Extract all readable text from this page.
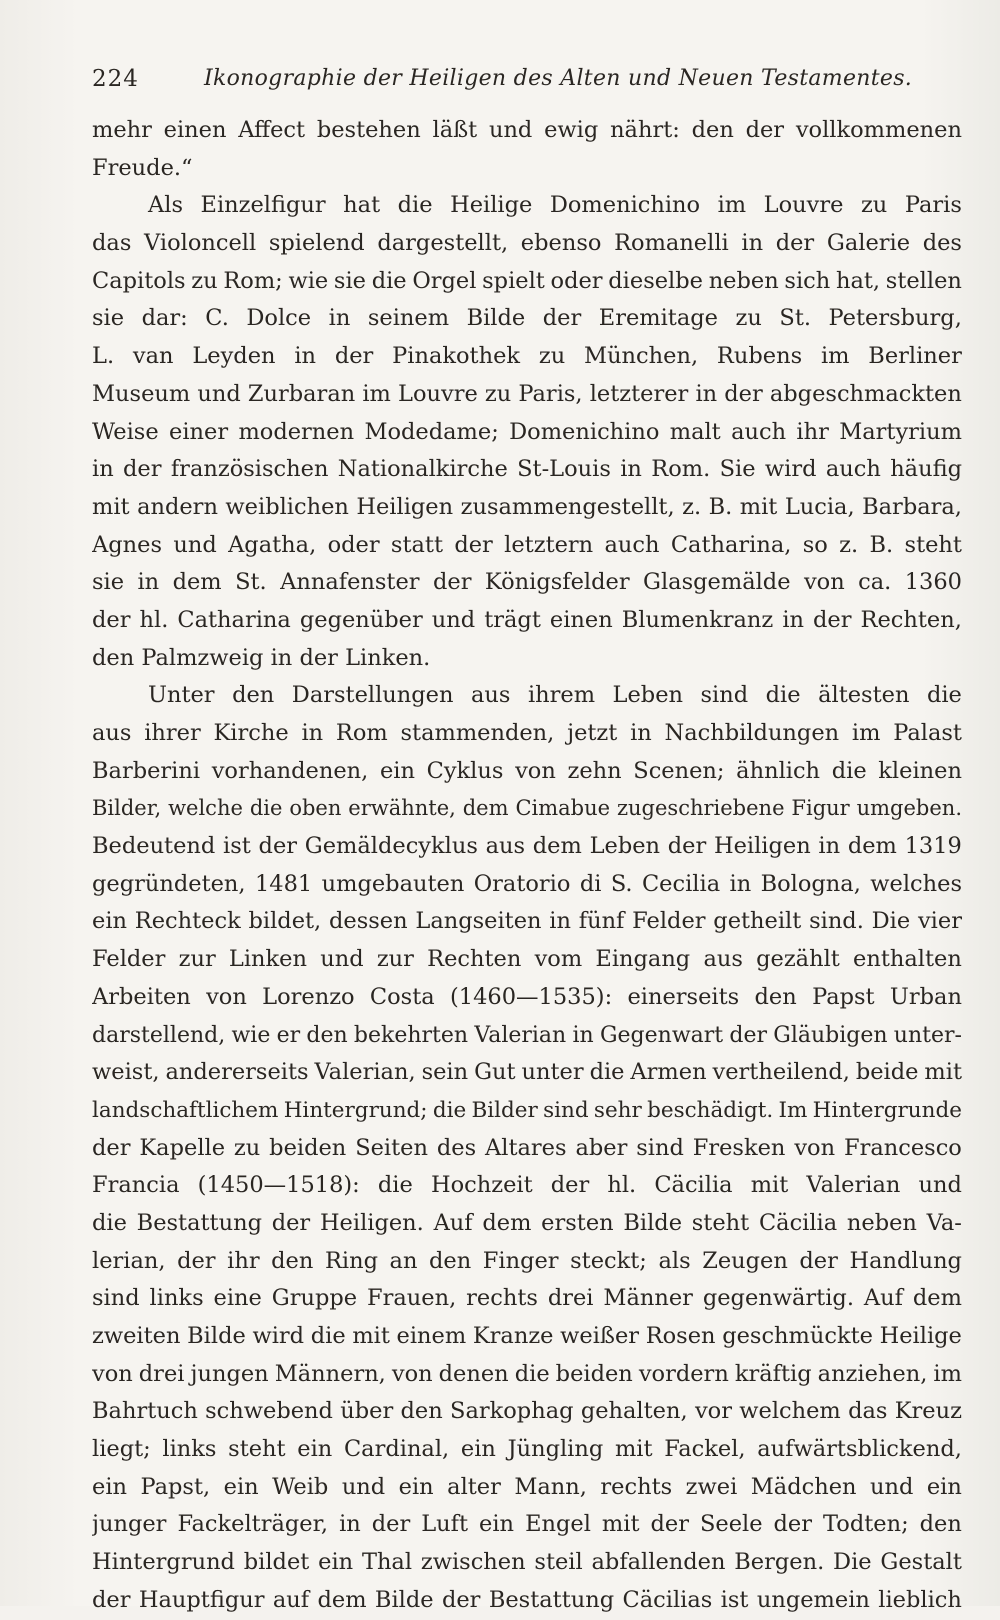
224	Ikonographie der Heiligen des Alten und Neuen Testamentes.
mehr einen Affect bestehen läßt und ewig nährt: den der vollkommenen
Freude.“
Als Einzelfigur hat die Heilige Domenichino im Louvre zu Paris
das Violoncell spielend dargestellt, ebenso Romanelli in der Galerie des
Capitols zu Rom; wie sie die Orgel spielt oder dieselbe neben sich hat, stellen
sie dar: C. Dolce in seinem Bilde der Eremitage zu St. Petersburg,
L. van Leyden in der Pinakothek zu München, Rubens im Berliner
Museum und Zurbaran im Louvre zu Paris, letzterer in der abgeschmackten
Weise einer modernen Modedame; Domenichino malt auch ihr Martyrium
in der französischen Nationalkirche St-Louis in Rom. Sie wird auch häufig
mit andern weiblichen Heiligen zusammengestellt, z. B. mit Lucia, Barbara,
Agnes und Agatha, oder statt der letztern auch Catharina, so z. B. steht
sie in dem St. Annafenster der Königsfelder Glasgemälde von ca. 1360
der hl. Catharina gegenüber und trägt einen Blumenkranz in der Rechten,
den Palmzweig in der Linken.
Unter den Darstellungen aus ihrem Leben sind die ältesten die
aus ihrer Kirche in Rom stammenden, jetzt in Nachbildungen im Palast
Barberini vorhandenen, ein Cyklus von zehn Scenen; ähnlich die kleinen
Bilder, welche die oben erwähnte, dem Cimabue zugeschriebene Figur umgeben.
Bedeutend ist der Gemäldecyklus aus dem Leben der Heiligen in dem 1319
gegründeten, 1481 umgebauten Oratorio di S. Cecilia in Bologna, welches
ein Rechteck bildet, dessen Langseiten in fünf Felder getheilt sind. Die vier
Felder zur Linken und zur Rechten vom Eingang aus gezählt enthalten
Arbeiten von Lorenzo Costa (1460—1535): einerseits den Papst Urban
darstellend, wie er den bekehrten Valerian in Gegenwart der Gläubigen unter-
weist, andererseits Valerian, sein Gut unter die Armen vertheilend, beide mit
landschaftlichem Hintergrund; die Bilder sind sehr beschädigt. Im Hintergrunde
der Kapelle zu beiden Seiten des Altares aber sind Fresken von Francesco
Francia (1450—1518): die Hochzeit der hl. Cäcilia mit Valerian und
die Bestattung der Heiligen. Auf dem ersten Bilde steht Cäcilia neben Va-
lerian, der ihr den Ring an den Finger steckt; als Zeugen der Handlung
sind links eine Gruppe Frauen, rechts drei Männer gegenwärtig. Auf dem
zweiten Bilde wird die mit einem Kranze weißer Rosen geschmückte Heilige
von drei jungen Männern, von denen die beiden vordern kräftig anziehen, im
Bahrtuch schwebend über den Sarkophag gehalten, vor welchem das Kreuz
liegt; links steht ein Cardinal, ein Jüngling mit Fackel, aufwärtsblickend,
ein Papst, ein Weib und ein alter Mann, rechts zwei Mädchen und ein
junger Fackelträger, in der Luft ein Engel mit der Seele der Todten; den
Hintergrund bildet ein Thal zwischen steil abfallenden Bergen. Die Gestalt
der Hauptfigur auf dem Bilde der Bestattung Cäcilias ist ungemein lieblich
